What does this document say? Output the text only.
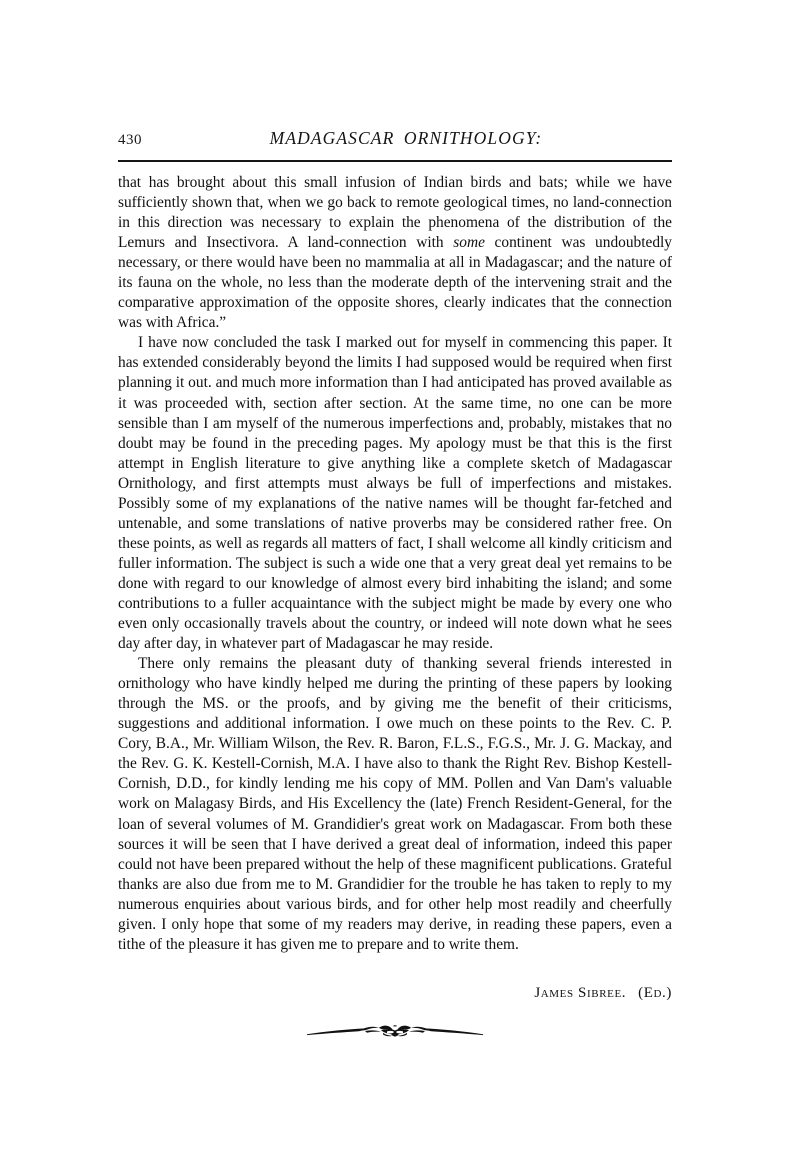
430	MADAGASCAR ORNITHOLOGY:

that has brought about this small infusion of Indian birds and bats; while we have sufficiently shown that, when we go back to remote geological times, no land-connection in this direction was necessary to explain the phenomena of the distribution of the Lemurs and Insectivora. A land-connection with some continent was undoubtedly necessary, or there would have been no mammalia at all in Madagascar; and the nature of its fauna on the whole, no less than the moderate depth of the intervening strait and the comparative approximation of the opposite shores, clearly indicates that the connection was with Africa.”

I have now concluded the task I marked out for myself in commencing this paper. It has extended considerably beyond the limits I had supposed would be required when first planning it out. and much more information than I had anticipated has proved available as it was proceeded with, section after section. At the same time, no one can be more sensible than I am myself of the numerous imperfections and, probably, mistakes that no doubt may be found in the preceding pages. My apology must be that this is the first attempt in English literature to give anything like a complete sketch of Madagascar Ornithology, and first attempts must always be full of imperfections and mistakes. Possibly some of my explanations of the native names will be thought far-fetched and untenable, and some translations of native proverbs may be considered rather free. On these points, as well as regards all matters of fact, I shall welcome all kindly criticism and fuller information. The subject is such a wide one that a very great deal yet remains to be done with regard to our knowledge of almost every bird inhabiting the island; and some contributions to a fuller acquaintance with the subject might be made by every one who even only occasionally travels about the country, or indeed will note down what he sees day after day, in whatever part of Madagascar he may reside.

There only remains the pleasant duty of thanking several friends interested in ornithology who have kindly helped me during the printing of these papers by looking through the MS. or the proofs, and by giving me the benefit of their criticisms, suggestions and additional information. I owe much on these points to the Rev. C. P. Cory, B.A., Mr. William Wilson, the Rev. R. Baron, F.L.S., F.G.S., Mr. J. G. Mackay, and the Rev. G. K. Kestell-Cornish, M.A. I have also to thank the Right Rev. Bishop Kestell-Cornish, D.D., for kindly lending me his copy of MM. Pollen and Van Dam's valuable work on Malagasy Birds, and His Excellency the (late) French Resident-General, for the loan of several volumes of M. Grandidier's great work on Madagascar. From both these sources it will be seen that I have derived a great deal of information, indeed this paper could not have been prepared without the help of these magnificent publications. Grateful thanks are also due from me to M. Grandidier for the trouble he has taken to reply to my numerous enquiries about various birds, and for other help most readily and cheerfully given. I only hope that some of my readers may derive, in reading these papers, even a tithe of the pleasure it has given me to prepare and to write them.

James Sibree. (Ed.)
